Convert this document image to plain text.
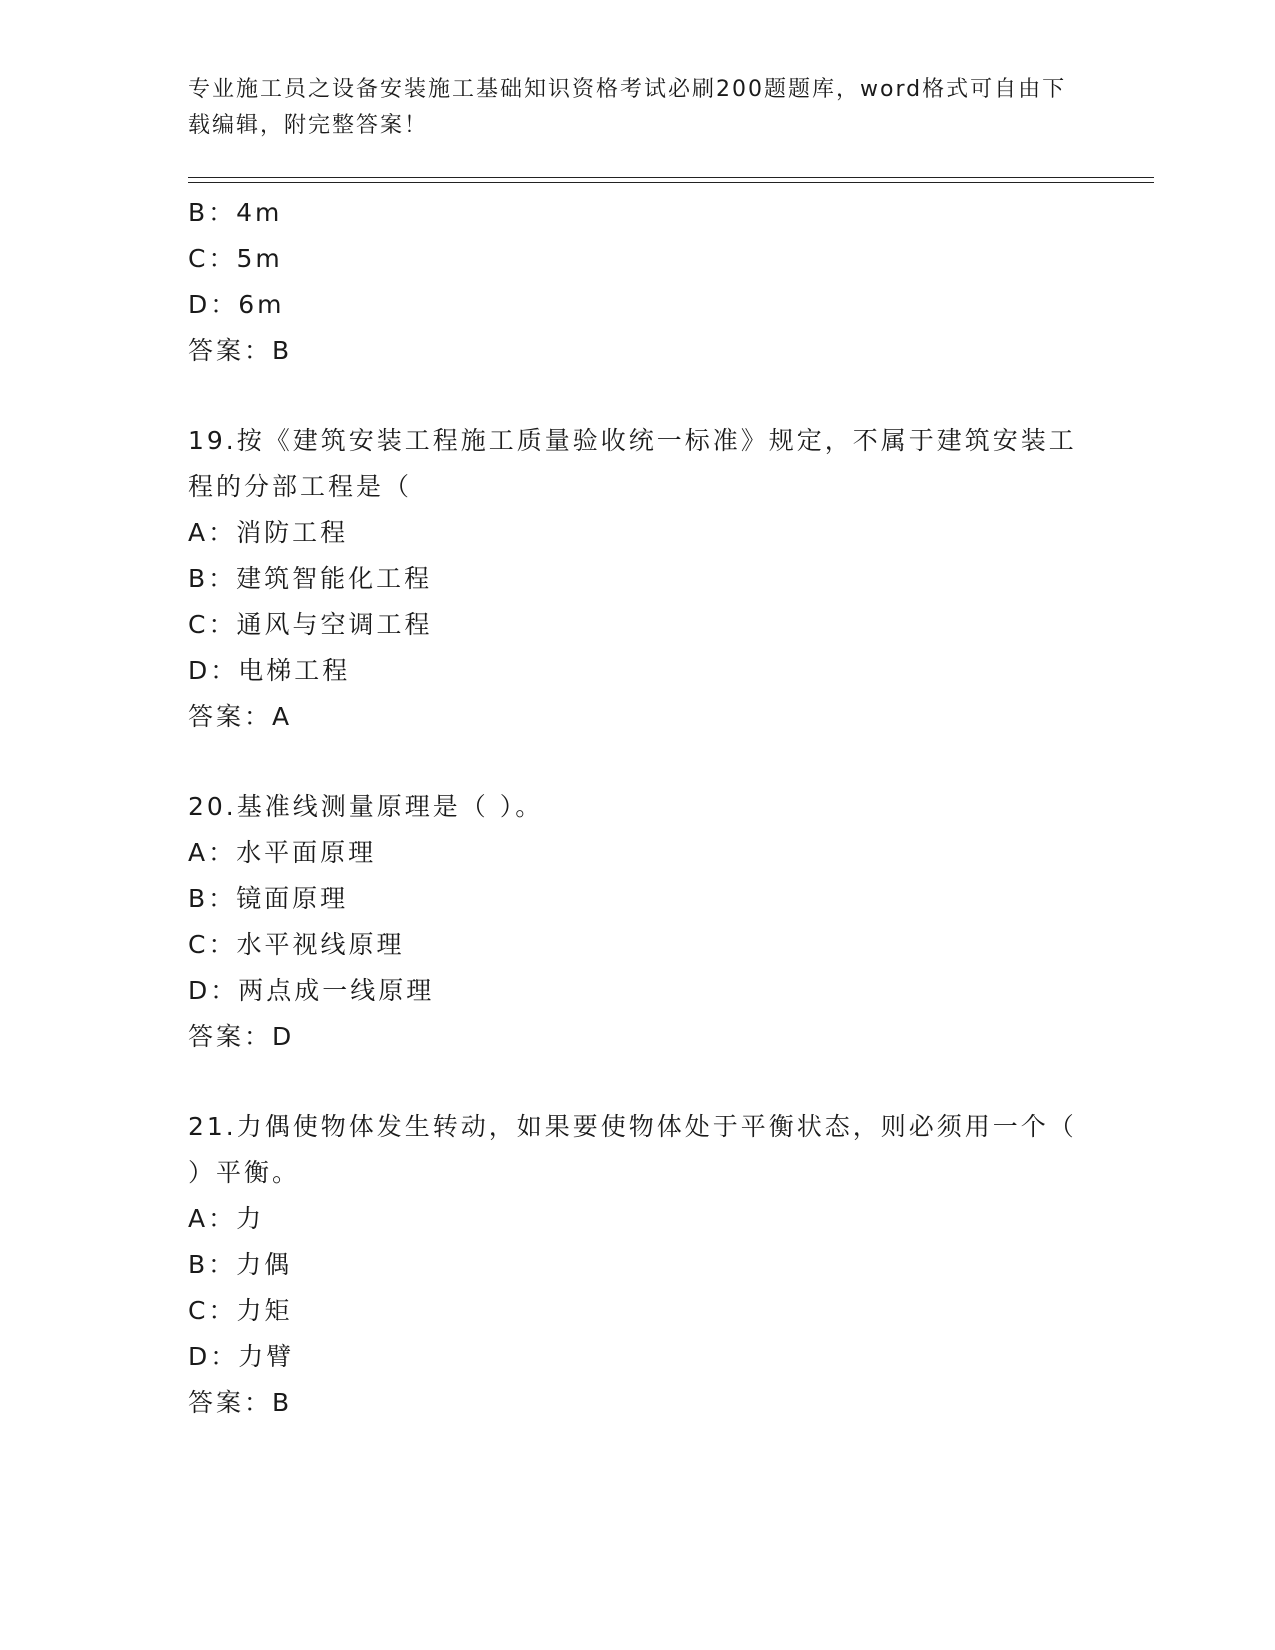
专业施工员之设备安装施工基础知识资格考试必刷200题题库，word格式可自由下载编辑，附完整答案！
B：4m
C：5m
D：6m
答案：B
19.按《建筑安装工程施工质量验收统一标准》规定，不属于建筑安装工程的分部工程是（
A：消防工程
B：建筑智能化工程
C：通风与空调工程
D：电梯工程
答案：A
20.基准线测量原理是（ ）。
A：水平面原理
B：镜面原理
C：水平视线原理
D：两点成一线原理
答案：D
21.力偶使物体发生转动，如果要使物体处于平衡状态，则必须用一个（ ）平衡。
A：力
B：力偶
C：力矩
D：力臂
答案：B
